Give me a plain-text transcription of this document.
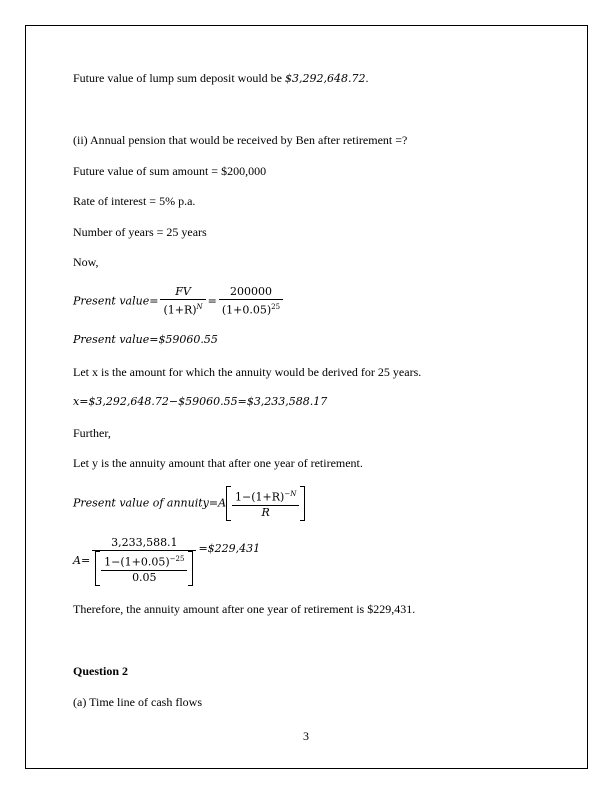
Future value of lump sum deposit would be $3,292,648.72.
(ii) Annual pension that would be received by Ben after retirement =?
Future value of sum amount = $200,000
Rate of interest = 5% p.a.
Number of years = 25 years
Now,
Present value= $\frac{FV}{(1+R)^N} = \frac{200000}{(1+0.05)^{25}}$
Present value=$59060.55
Let x is the amount for which the annuity would be derived for 25 years.
x=$3,292,648.72−$59060.55=$3,233,588.17
Further,
Let y is the annuity amount that after one year of retirement.
Present value of annuity=A $\frac{1-(1+R)^{-N}}{R}$
$A= \frac{3,233,588.1}{\frac{1-(1+0.05)^{-25}}{0.05}}$ =$229,431
Therefore, the annuity amount after one year of retirement is $229,431.
Question 2
(a) Time line of cash flows
3
